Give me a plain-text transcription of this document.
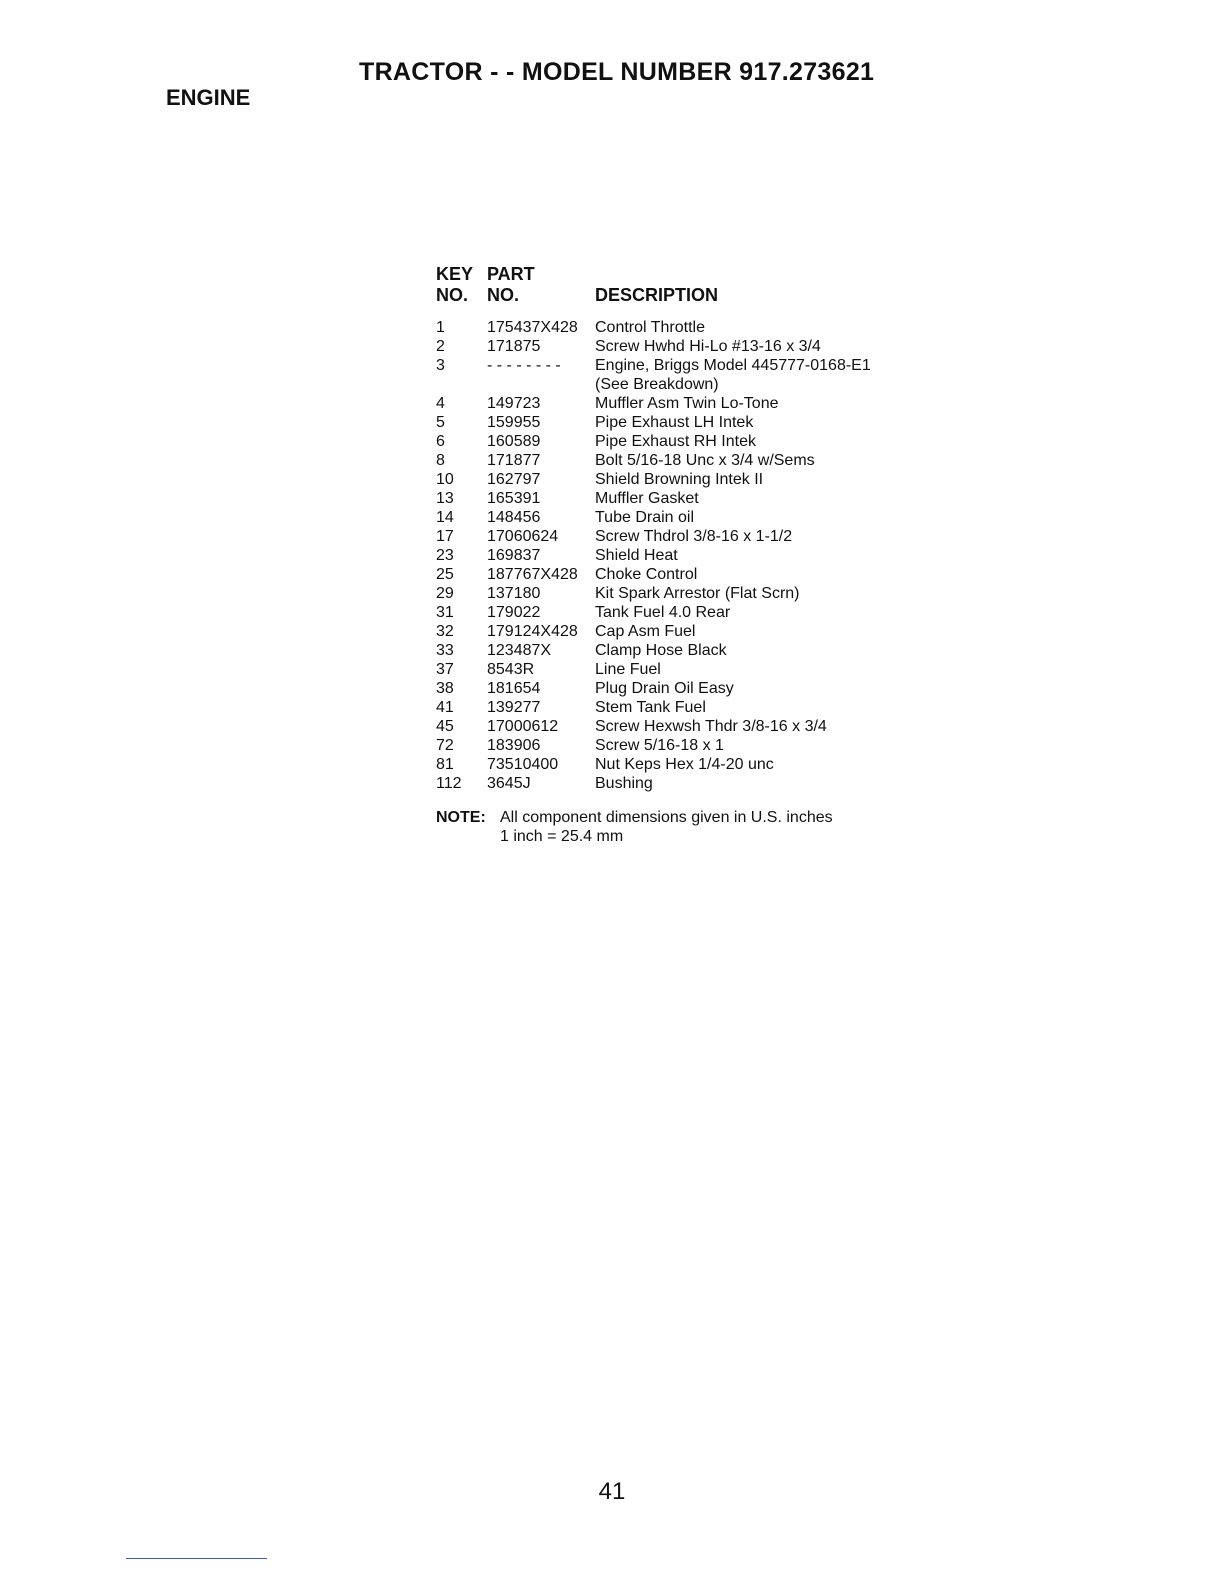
TRACTOR - - MODEL NUMBER 917.273621
ENGINE
KEY
NO.
PART
NO.	DESCRIPTION
1	175437X428	Control Throttle
2	171875	Screw Hwhd Hi-Lo #13-16 x 3/4
3	- - - - - - - -	Engine, Briggs Model 445777-0168-E1
(See Breakdown)
4	149723	Muffler Asm Twin Lo-Tone
5	159955	Pipe Exhaust LH Intek
6	160589	Pipe Exhaust RH Intek
8	171877	Bolt 5/16-18 Unc x 3/4 w/Sems
10	162797	Shield Browning Intek II
13	165391	Muffler Gasket
14	148456	Tube Drain oil
17	17060624	Screw Thdrol 3/8-16 x 1-1/2
23	169837	Shield Heat
25	187767X428	Choke Control
29	137180	Kit Spark Arrestor (Flat Scrn)
31	179022	Tank Fuel 4.0 Rear
32	179124X428	Cap Asm Fuel
33	123487X	Clamp Hose Black
37	8543R	Line Fuel
38	181654	Plug Drain Oil Easy
41	139277	Stem Tank Fuel
45	17000612	Screw Hexwsh Thdr 3/8-16 x 3/4
72	183906	Screw 5/16-18 x 1
81	73510400	Nut Keps Hex 1/4-20 unc
112	3645J	Bushing
NOTE: All component dimensions given in U.S. inches
1 inch = 25.4 mm
41
